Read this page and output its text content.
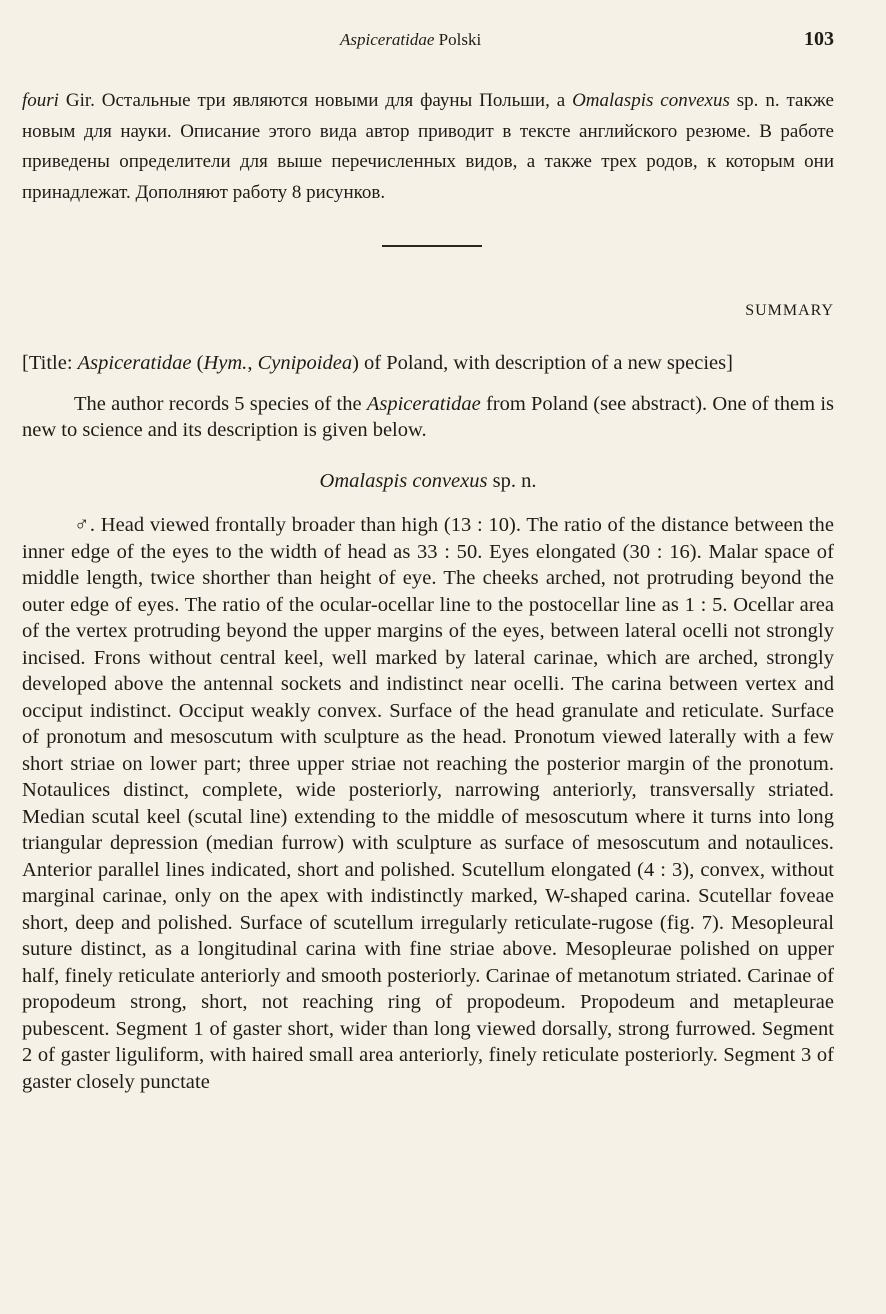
Aspiceratidae Polski	103
fouri Gir. Остальные три являются новыми для фауны Польши, а Omalaspis convexus sp. n. также новым для науки. Описание этого вида автор приводит в тексте английского резюме. В работе приведены определители для выше перечисленных видов, а также трех родов, к которым они принадлежат. Дополняют работу 8 рисунков.
SUMMARY

[Title: Aspiceratidae (Hym., Cynipoidea) of Poland, with description of a new species]

The author records 5 species of the Aspiceratidae from Poland (see abstract). One of them is new to science and its description is given below.

Omalaspis convexus sp. n.

♂. Head viewed frontally broader than high (13 : 10). The ratio of the distance between the inner edge of the eyes to the width of head as 33 : 50. Eyes elongated (30 : 16). Malar space of middle length, twice shorther than height of eye. The cheeks arched, not protruding beyond the outer edge of eyes. The ratio of the ocular-ocellar line to the postocellar line as 1 : 5. Ocellar area of the vertex protruding beyond the upper margins of the eyes, between lateral ocelli not strongly incised. Frons without central keel, well marked by lateral carinae, which are arched, strongly developed above the antennal sockets and indistinct near ocelli. The carina between vertex and occiput indistinct. Occiput weakly convex. Surface of the head granulate and reticulate. Surface of pronotum and mesoscutum with sculpture as the head. Pronotum viewed laterally with a few short striae on lower part; three upper striae not reaching the posterior margin of the pronotum. Notaulices distinct, complete, wide posteriorly, narrowing anteriorly, transversally striated. Median scutal keel (scutal line) extending to the middle of mesoscutum where it turns into long triangular depression (median furrow) with sculpture as surface of mesoscutum and notaulices. Anterior parallel lines indicated, short and polished. Scutellum elongated (4 : 3), convex, without marginal carinae, only on the apex with indistinctly marked, W-shaped carina. Scutellar foveae short, deep and polished. Surface of scutellum irregularly reticulate-rugose (fig. 7). Mesopleural suture distinct, as a longitudinal carina with fine striae above. Mesopleurae polished on upper half, finely reticulate anteriorly and smooth posteriorly. Carinae of metanotum striated. Carinae of propodeum strong, short, not reaching ring of propodeum. Propodeum and metapleurae pubescent. Segment 1 of gaster short, wider than long viewed dorsally, strong furrowed. Segment 2 of gaster liguliform, with haired small area anteriorly, finely reticulate posteriorly. Segment 3 of gaster closely punctate
